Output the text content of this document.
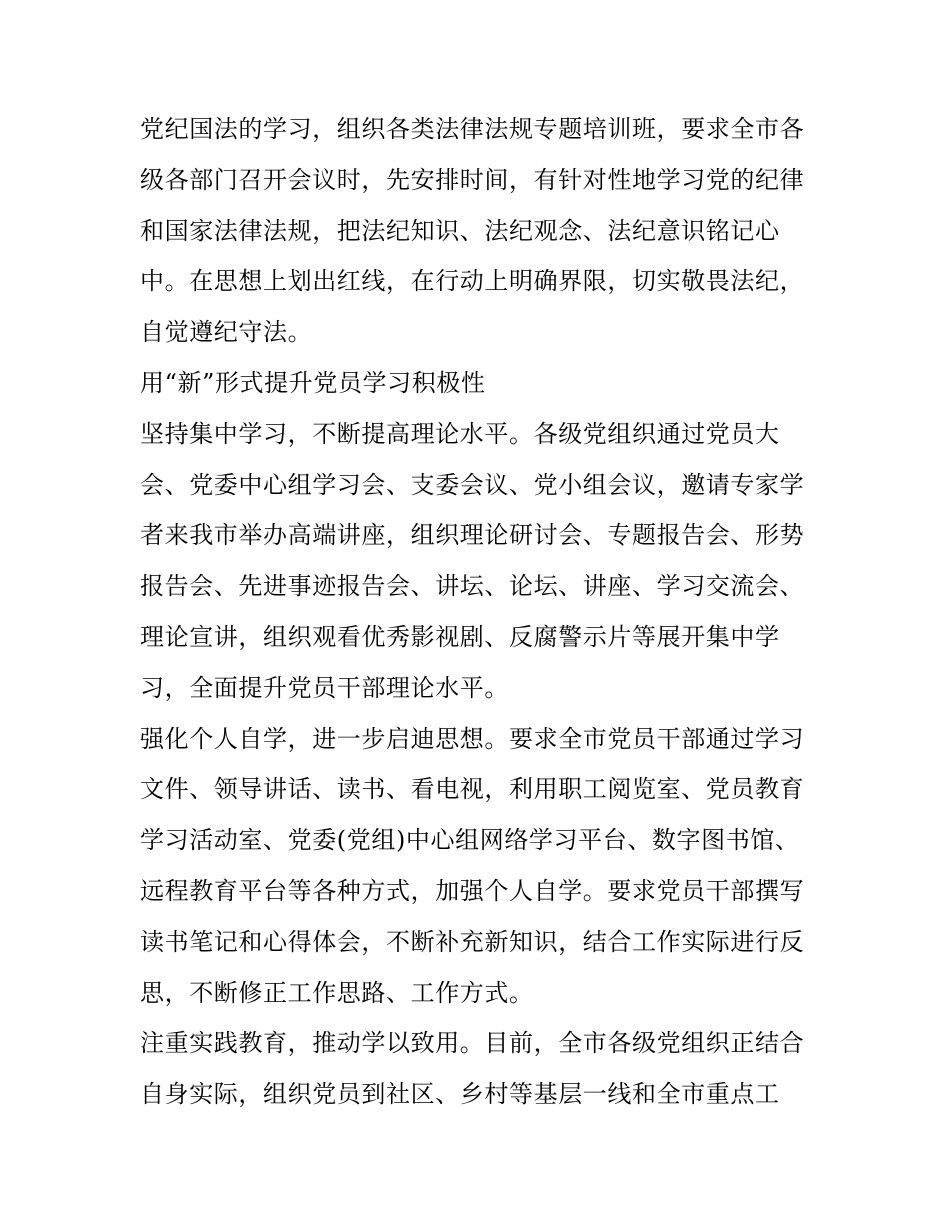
党纪国法的学习，组织各类法律法规专题培训班，要求全市各
级各部门召开会议时，先安排时间，有针对性地学习党的纪律
和国家法律法规，把法纪知识、法纪观念、法纪意识铭记心
中。在思想上划出红线，在行动上明确界限，切实敬畏法纪，
自觉遵纪守法。

用“新”形式提升党员学习积极性

坚持集中学习，不断提高理论水平。各级党组织通过党员大
会、党委中心组学习会、支委会议、党小组会议，邀请专家学
者来我市举办高端讲座，组织理论研讨会、专题报告会、形势
报告会、先进事迹报告会、讲坛、论坛、讲座、学习交流会、
理论宣讲，组织观看优秀影视剧、反腐警示片等展开集中学
习，全面提升党员干部理论水平。

强化个人自学，进一步启迪思想。要求全市党员干部通过学习
文件、领导讲话、读书、看电视，利用职工阅览室、党员教育
学习活动室、党委(党组)中心组网络学习平台、数字图书馆、
远程教育平台等各种方式，加强个人自学。要求党员干部撰写
读书笔记和心得体会，不断补充新知识，结合工作实际进行反
思，不断修正工作思路、工作方式。

注重实践教育，推动学以致用。目前，全市各级党组织正结合
自身实际，组织党员到社区、乡村等基层一线和全市重点工
